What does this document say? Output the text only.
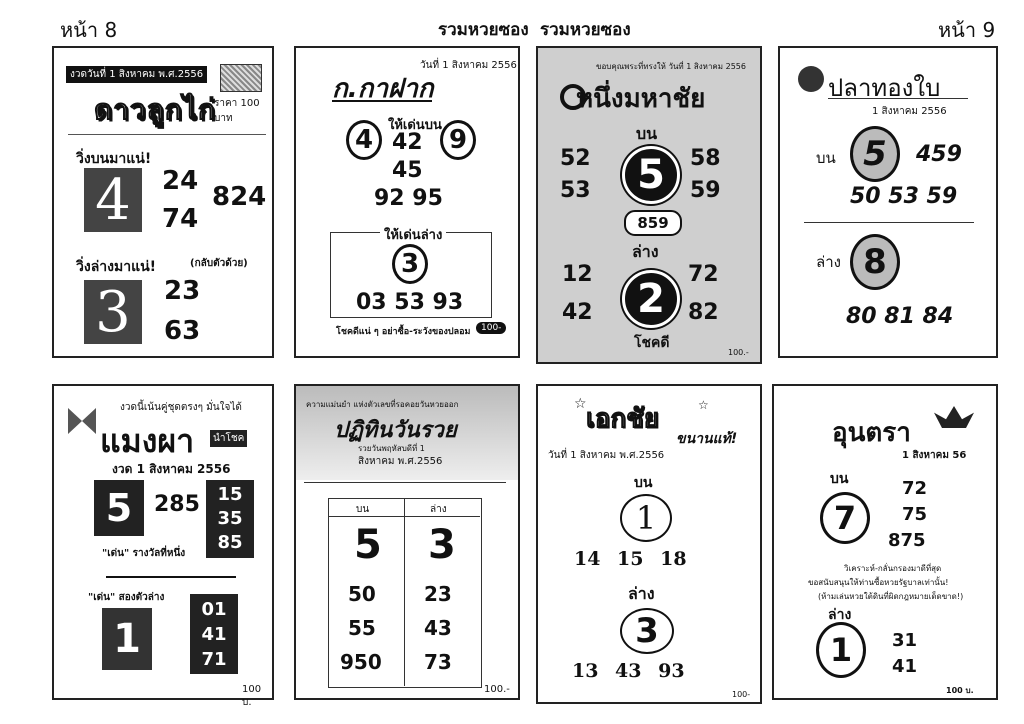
หน้า 8	รวมหวยซอง รวมหวยซอง	หน้า 9
งวดวันที่ 1 สิงหาคม พ.ศ.2556
ดาวลูกไก่
ราคา 100 บาท
วิ่งบนมาแน่!
4	24
74
824
วิ่งล่างมาแน่!	(กลับตัวด้วย)
3	23
63
วันที่ 1 สิงหาคม 2556
ก.กาฝาก
ให้เด่นบน
4	9
42
45
92 95
ให้เด่นล่าง
3
03 53 93
โชคดีแน่ ๆ อย่าซื้อ-ระวังของปลอม	100-
ขอบคุณพระที่ทรงให้ วันที่ 1 สิงหาคม 2556
หนึ่งมหาชัย
บน
52
53	5	58
59
859
ล่าง
12
42	2
72
82
โชคดี
100.-
ปลาทองใบ
1 สิงหาคม 2556
บน 5	459
50 53 59
ล่าง 8
80 81 84
งวดนี้เน้นคู่ชุดตรงๆ มั่นใจได้
แมงผา	นำโชค
งวด 1 สิงหาคม 2556
5 285 15
35
85
"เด่น" รางวัลที่หนึ่ง
"เด่น" สองตัวล่าง
1
01
41
71
100 บ.
ความแม่นยำ แห่งตัวเลขที่รอคอยวันหวยออก
ปฏิทินวันรวย
รวยวันพฤหัสบดีที่ 1
สิงหาคม พ.ศ.2556
บน	ล่าง
5 3
50 23
55 43
950 73
100.-
เอกชัย
☆	☆
ขนานแท้!
วันที่ 1 สิงหาคม พ.ศ.2556
บน
1
14 15 18
ล่าง
3
13 43 93
100-
อุนตรา
1 สิงหาคม 56
บน
7
72
75
875
วิเคราะห์-กลั่นกรองมาดีที่สุด
ขอสนับสนุนให้ท่านซื้อหวยรัฐบาลเท่านั้น!
(ห้ามเล่นหวยใต้ดินที่ผิดกฎหมายเด็ดขาด!)
ล่าง
1	31
41
100 บ.
